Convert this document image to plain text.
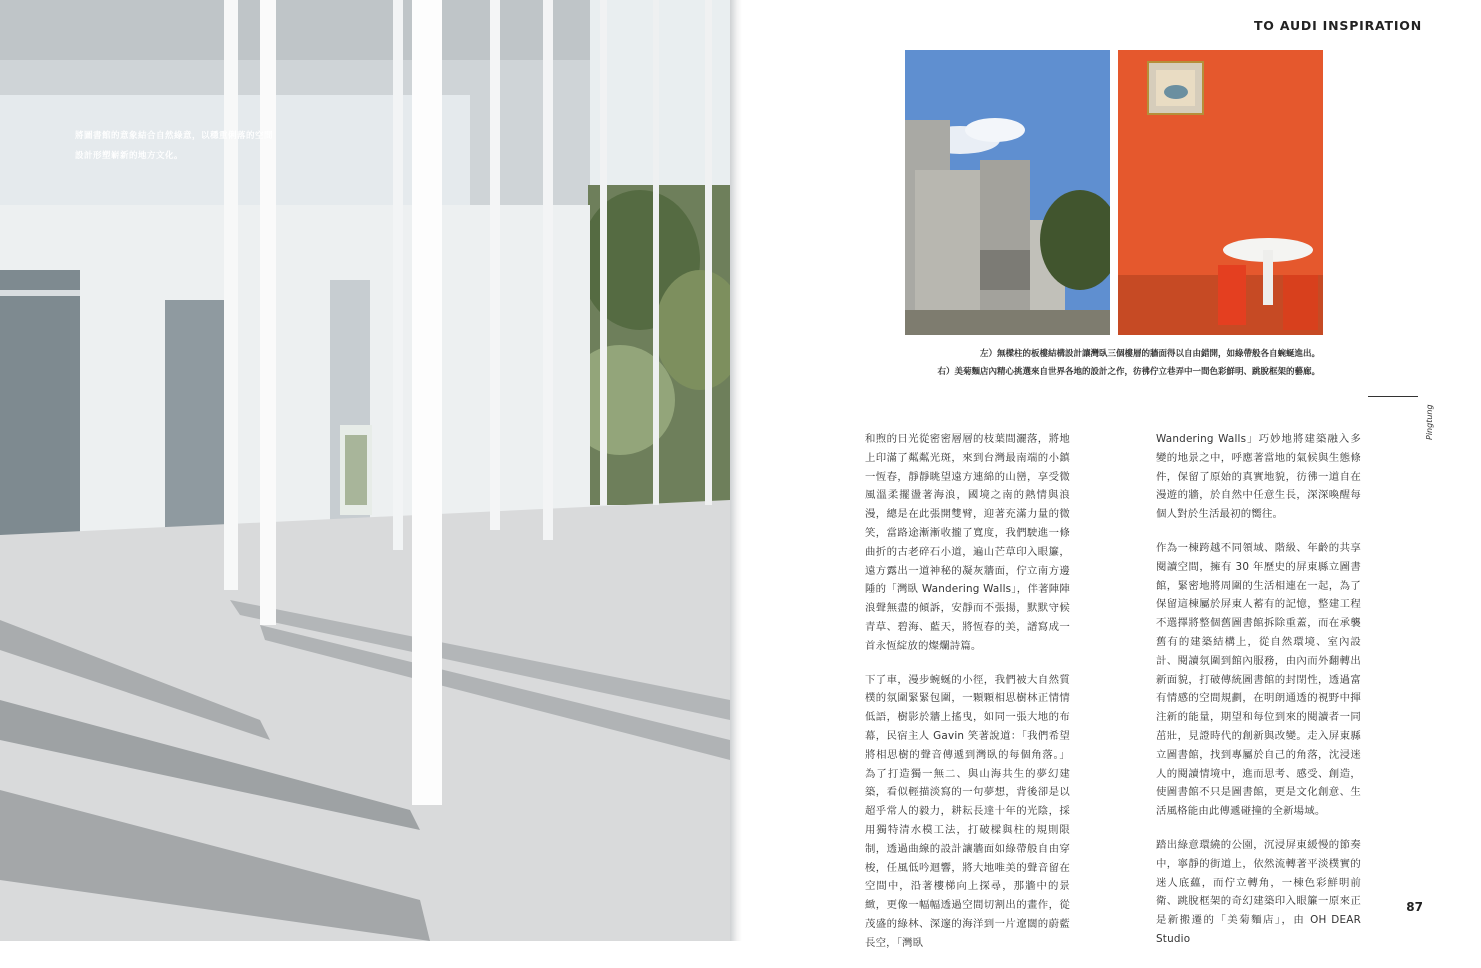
將圖書館的意象結合自然綠意，以穩重俐落的空間設計形塑嶄新的地方文化。
TO AUDI INSPIRATION
左）無樑柱的板樓結構設計讓灣臥三個樓層的牆面得以自由錯開，如綠帶般各自蜿蜒進出。
右）美菊麵店內精心挑選來自世界各地的設計之作，彷彿佇立巷弄中一間色彩鮮明、跳脫框架的藝廊。
Pingtung

和煦的日光從密密層層的枝葉間灑落，將地上印滿了粼粼光斑，來到台灣最南端的小鎮一恆春，靜靜眺望遠方連綿的山巒，享受微風溫柔擺盪著海浪，國境之南的熱情與浪漫，總是在此張開雙臂，迎著充滿力量的微笑，當路途漸漸收攏了寬度，我們駛進一條曲折的古老碎石小道，遍山芒草印入眼簾，遠方露出一道神秘的凝灰牆面，佇立南方邊陲的「灣臥 Wandering Walls」，伴著陣陣浪聲無盡的傾訴，安靜而不張揚，默默守候青草、碧海、藍天，將恆春的美，譜寫成一首永恆綻放的燦爛詩篇。

下了車，漫步蜿蜒的小徑，我們被大自然質樸的氛圍緊緊包圍，一顆顆相思樹林正情情低語，樹影於牆上搖曳，如同一張大地的布幕，民宿主人 Gavin 笑著說道：「我們希望將相思樹的聲音傳遞到灣臥的每個角落。」為了打造獨一無二、與山海共生的夢幻建築，看似輕描淡寫的一句夢想，背後卻是以超乎常人的毅力，耕耘長達十年的光陰，採用獨特清水模工法，打破樑與柱的規則限制，透過曲線的設計讓牆面如綠帶般自由穿梭，任風低吟迴響，將大地唯美的聲音留在空間中，沿著樓梯向上探尋，那牆中的景緻，更像一幅幅透過空間切割出的畫作，從茂盛的綠林、深邃的海洋到一片遼闊的蔚藍長空，「灣臥

Wandering Walls」巧妙地將建築融入多變的地景之中，呼應著當地的氣候與生態條件，保留了原始的真實地貌，彷彿一道自在漫遊的牆，於自然中任意生長，深深喚醒每個人對於生活最初的嚮往。

作為一棟跨越不同領域、階級、年齡的共享閱讀空間，擁有 30 年歷史的屏東縣立圖書館，緊密地將周圍的生活相連在一起，為了保留這棟屬於屏東人蓄有的記憶，整建工程不選擇將整個舊圖書館拆除重蓋，而在承襲舊有的建築結構上，從自然環境、室內設計、閱讀氛圍到館內服務，由內而外翻轉出新面貌，打破傳統圖書館的封閉性，透過富有情感的空間規劃，在明朗通透的視野中揮注新的能量，期望和每位到來的閱讀者一同茁壯，見證時代的創新與改變。走入屏東縣立圖書館，找到專屬於自己的角落，沈浸迷人的閱讀情境中，進而思考、感受、創造，使圖書館不只是圖書館，更是文化創意、生活風格能由此傳遞碰撞的全新場域。

踏出綠意環繞的公園，沉浸屏東緩慢的節奏中，寧靜的街道上，依然流轉著平淡樸實的迷人底蘊，而佇立轉角，一棟色彩鮮明前衛、跳脫框架的奇幻建築印入眼簾一原來正是新搬遷的「美菊麵店」，由 OH DEAR Studio

87
